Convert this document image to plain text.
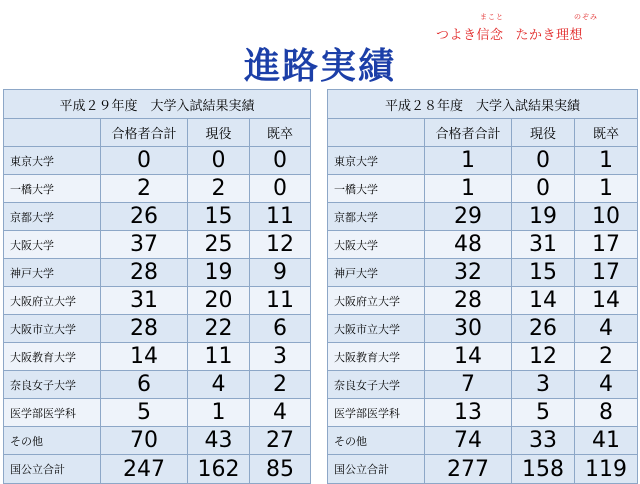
まこと	のぞみ
つよき信念 たかき理想
進路実績
平成２９年度　大学入試結果実績			
	合格者合計	現役	既卒
東京大学	0	0	0
一橋大学	2	2	0
京都大学	26	15	11
大阪大学	37	25	12
神戸大学	28	19	9
大阪府立大学	31	20	11
大阪市立大学	28	22	6
大阪教育大学	14	11	3
奈良女子大学	6	4	2
医学部医学科	5	1	4
その他	70	43	27
国公立合計	247	162	85
平成２８年度　大学入試結果実績			
	合格者合計	現役	既卒
東京大学	1	0	1
一橋大学	1	0	1
京都大学	29	19	10
大阪大学	48	31	17
神戸大学	32	15	17
大阪府立大学	28	14	14
大阪市立大学	30	26	4
大阪教育大学	14	12	2
奈良女子大学	7	3	4
医学部医学科	13	5	8
その他	74	33	41
国公立合計	277	158	119
